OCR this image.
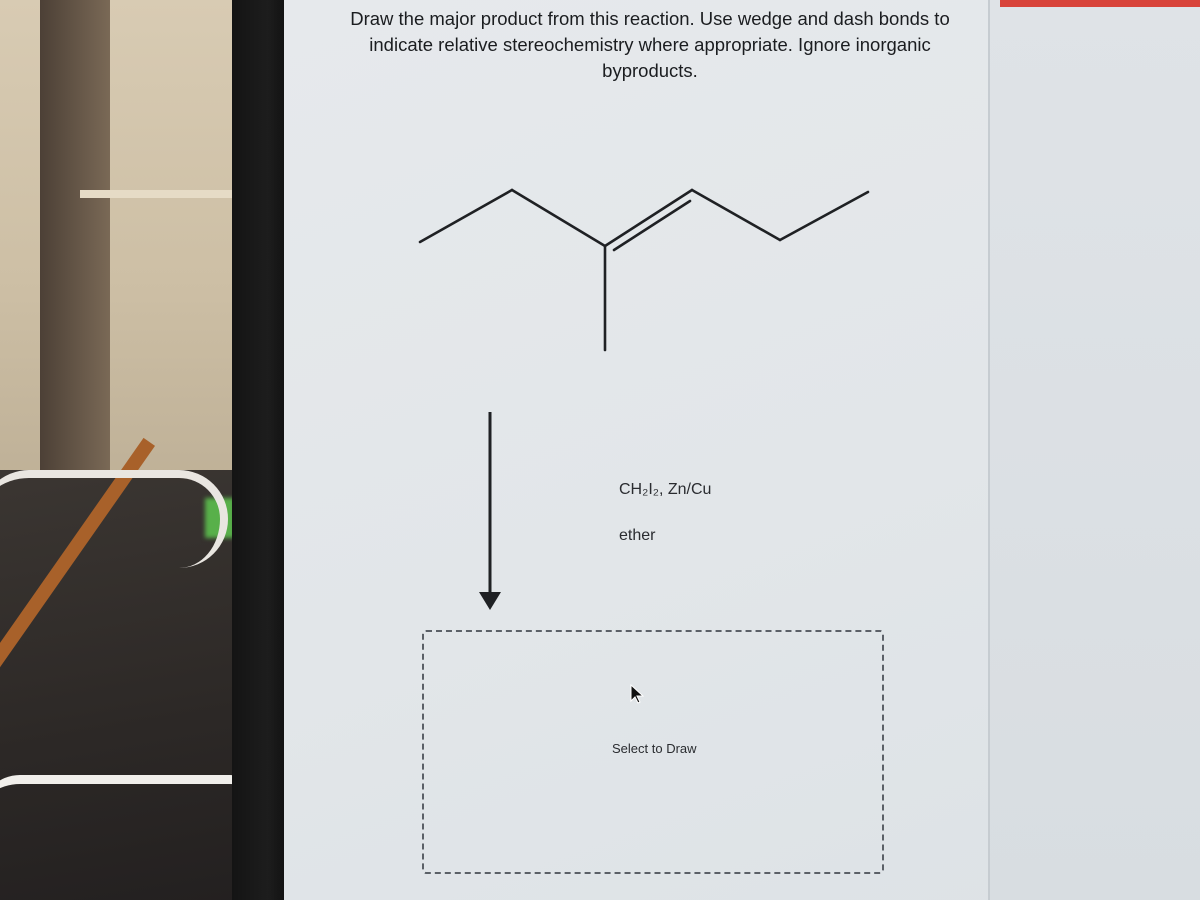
Draw the major product from this reaction. Use wedge and dash bonds to
indicate relative stereochemistry where appropriate. Ignore inorganic
byproducts.

CH₂I₂, Zn/Cu
ether
Select to Draw
